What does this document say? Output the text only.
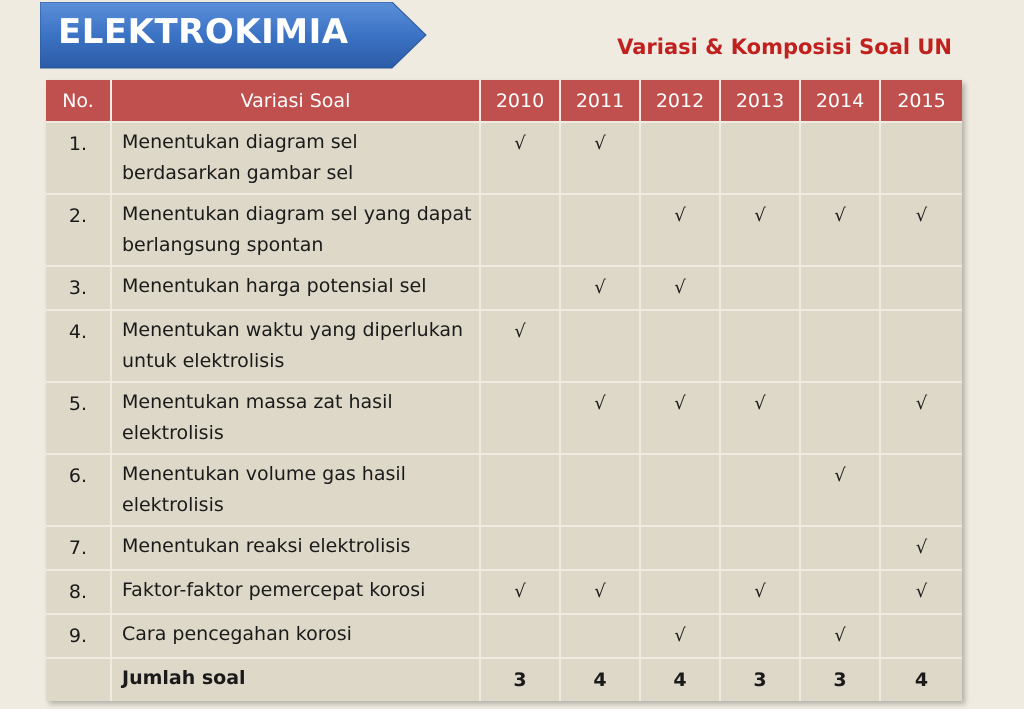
ELEKTROKIMIA	Variasi & Komposisi Soal UN
No.	Variasi Soal	2010	2011	2012	2013	2014	2015
1.	Menentukan diagram sel berdasarkan gambar sel	√	√				
2.	Menentukan diagram sel yang dapat berlangsung spontan			√	√	√	√
3.	Menentukan harga potensial sel		√	√			
4.	Menentukan waktu yang diperlukan untuk elektrolisis	√					
5.	Menentukan massa zat hasil elektrolisis		√	√	√		√
6.	Menentukan volume gas hasil elektrolisis					√	
7.	Menentukan reaksi elektrolisis						√
8.	Faktor-faktor pemercepat korosi	√	√		√		√
9.	Cara pencegahan korosi			√		√	
	Jumlah soal	3	4	4	3	3	4
